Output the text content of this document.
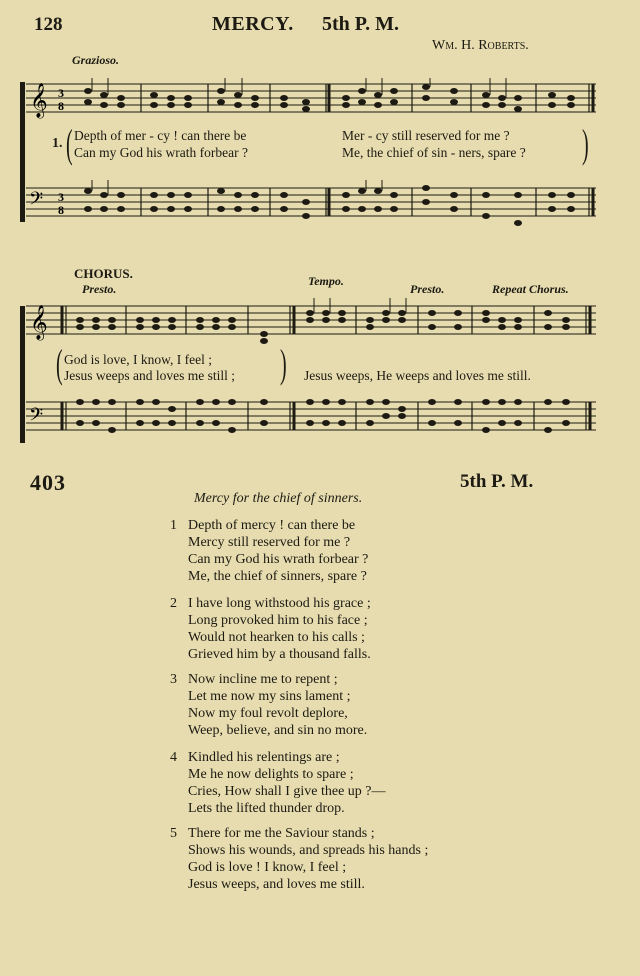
128	MERCY. 5th P. M.
Wm. H. Roberts.
Grazioso.
𝄞 3
8
1. ( Depth of mer - cy ! can there be	Mer - cy still reserved for me ?
Can my God his wrath forbear ?	Me, the chief of sin - ners, spare ? )
𝄢 3
8
CHORUS.
Presto.
Tempo.
Presto.	Repeat Chorus.
𝄞
( God is love, I know, I feel ;
Jesus weeps and loves me still ; ) Jesus weeps, He weeps and loves me still.
𝄢
403	5th P. M.
Mercy for the chief of sinners.
1 Depth of mercy ! can there be
Mercy still reserved for me ?
Can my God his wrath forbear ?
Me, the chief of sinners, spare ?
2 I have long withstood his grace ;
Long provoked him to his face ;
Would not hearken to his calls ;
Grieved him by a thousand falls.
3 Now incline me to repent ;
Let me now my sins lament ;
Now my foul revolt deplore,
Weep, believe, and sin no more.
4 Kindled his relentings are ;
Me he now delights to spare ;
Cries, How shall I give thee up ?—
Lets the lifted thunder drop.
5 There for me the Saviour stands ;
Shows his wounds, and spreads his hands ;
God is love ! I know, I feel ;
Jesus weeps, and loves me still.
